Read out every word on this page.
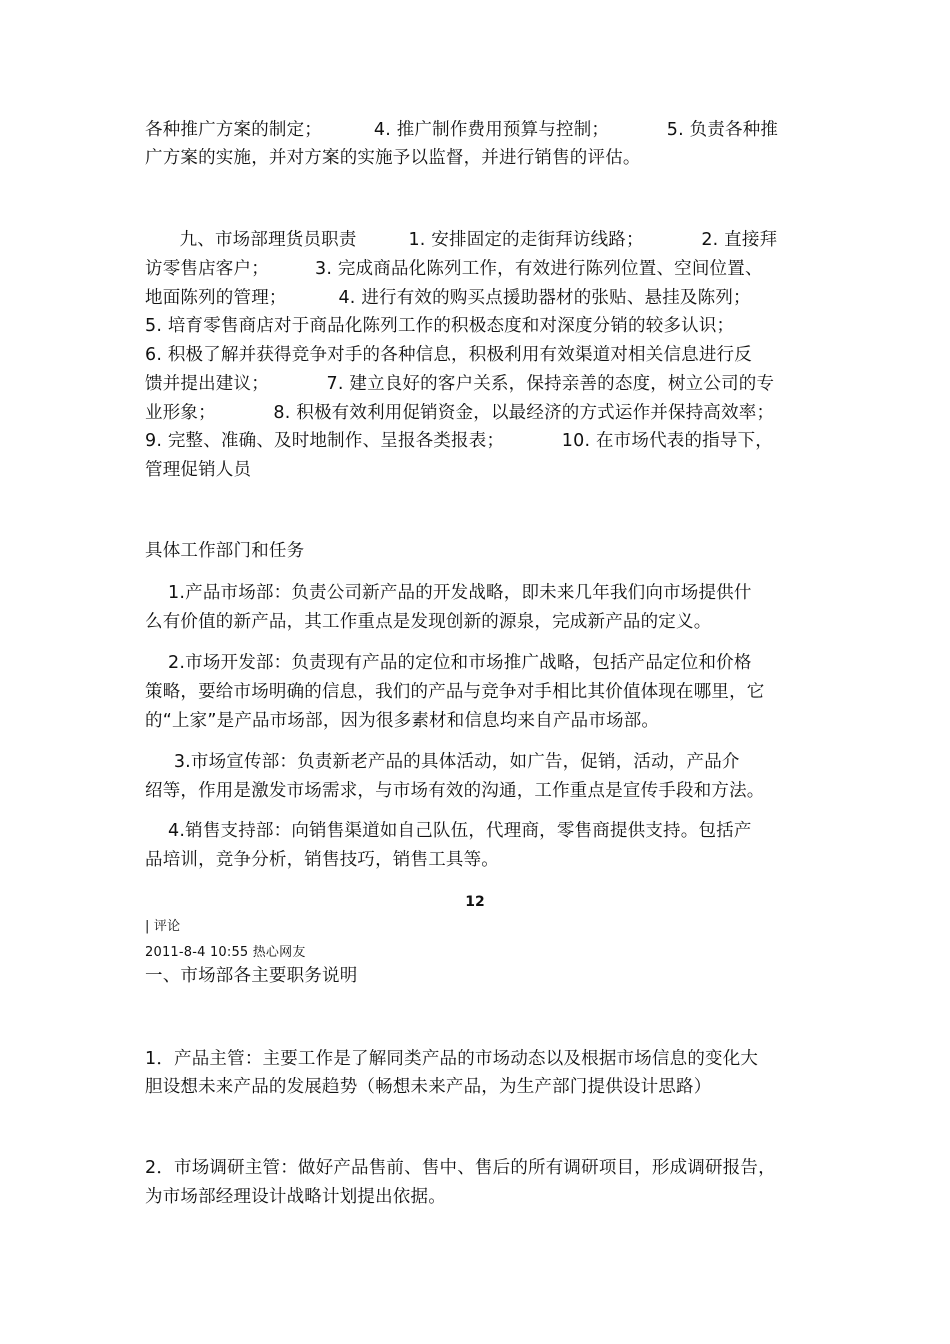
各种推广方案的制定；         4. 推广制作费用预算与控制；          5. 负责各种推
广方案的实施，并对方案的实施予以监督，并进行销售的评估。
九、市场部理货员职责         1. 安排固定的走街拜访线路；          2. 直接拜
访零售店客户；        3. 完成商品化陈列工作，有效进行陈列位置、空间位置、
地面陈列的管理；         4. 进行有效的购买点援助器材的张贴、悬挂及陈列；
5. 培育零售商店对于商品化陈列工作的积极态度和对深度分销的较多认识；
6. 积极了解并获得竞争对手的各种信息，积极利用有效渠道对相关信息进行反
馈并提出建议；          7. 建立良好的客户关系，保持亲善的态度，树立公司的专
业形象；          8. 积极有效利用促销资金，以最经济的方式运作并保持高效率；
9. 完整、准确、及时地制作、呈报各类报表；          10. 在市场代表的指导下，
管理促销人员
具体工作部门和任务
1.产品市场部：负责公司新产品的开发战略，即未来几年我们向市场提供什
么有价值的新产品，其工作重点是发现创新的源泉，完成新产品的定义。
2.市场开发部：负责现有产品的定位和市场推广战略，包括产品定位和价格
策略，要给市场明确的信息，我们的产品与竞争对手相比其价值体现在哪里，它
的“上家”是产品市场部，因为很多素材和信息均来自产品市场部。
3.市场宣传部：负责新老产品的具体活动，如广告，促销，活动，产品介
绍等，作用是激发市场需求，与市场有效的沟通，工作重点是宣传手段和方法。
4.销售支持部：向销售渠道如自己队伍，代理商，零售商提供支持。包括产
品培训，竞争分析，销售技巧，销售工具等。
12
| 评论
2011-8-4 10:55 热心网友
一、市场部各主要职务说明
1．产品主管：主要工作是了解同类产品的市场动态以及根据市场信息的变化大
胆设想未来产品的发展趋势（畅想未来产品，为生产部门提供设计思路）
2．市场调研主管：做好产品售前、售中、售后的所有调研项目，形成调研报告，
为市场部经理设计战略计划提出依据。
